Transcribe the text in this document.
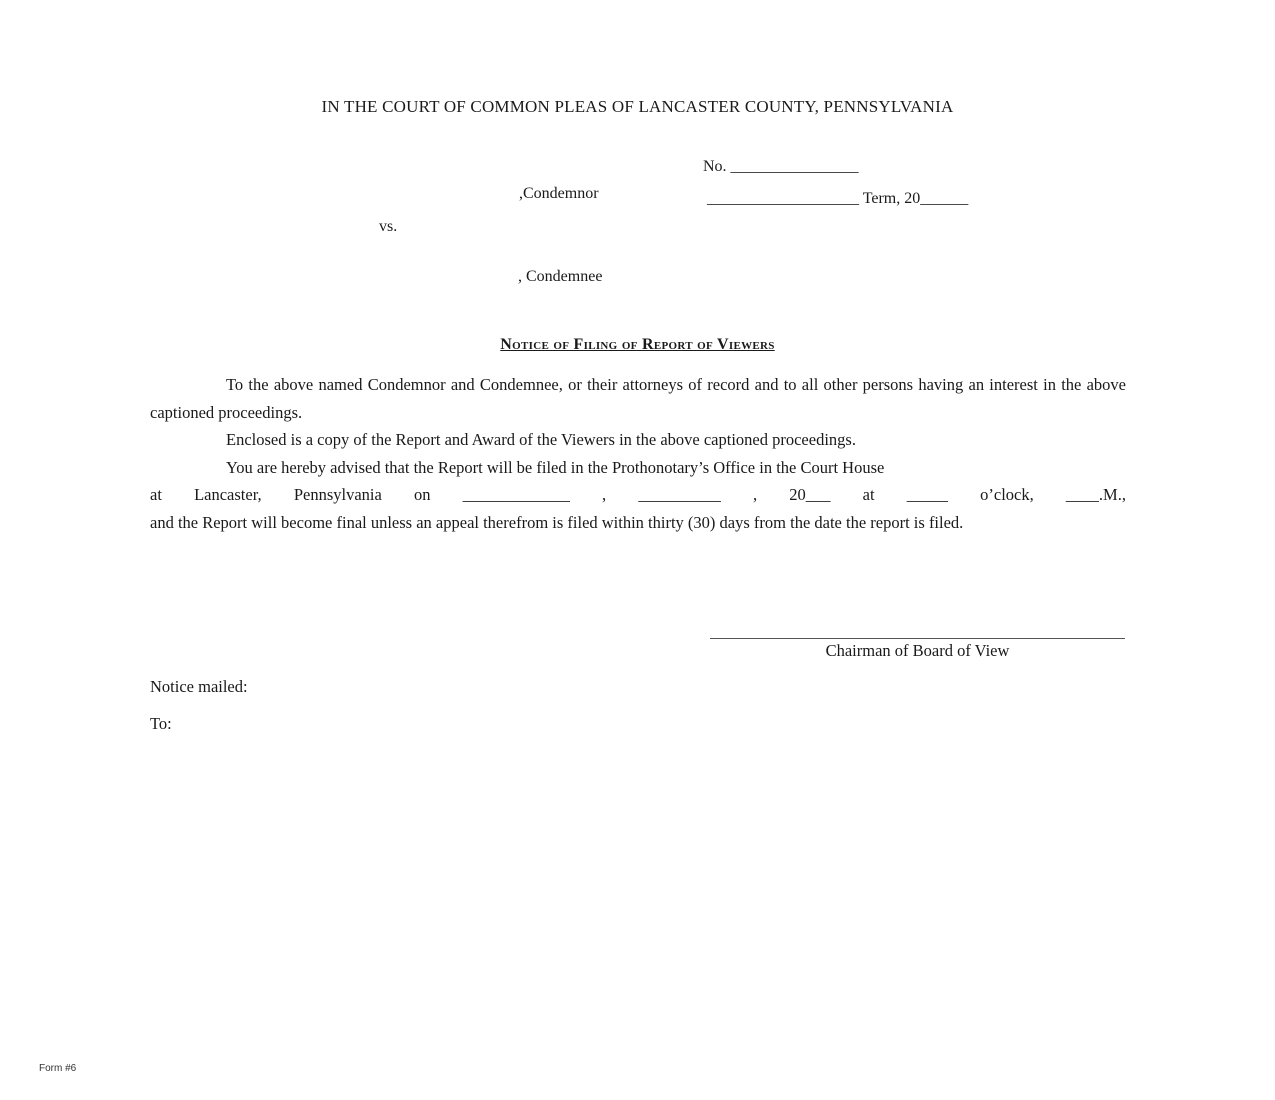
IN THE COURT OF COMMON PLEAS OF LANCASTER COUNTY, PENNSYLVANIA
No. ________________
,Condemnor	___________________ Term, 20______
vs.
, Condemnee
Notice of Filing of Report of Viewers

To the above named Condemnor and Condemnee, or their attorneys of record and to all other persons having an interest in the above captioned proceedings.

Enclosed is a copy of the Report and Award of the Viewers in the above captioned proceedings.

You are hereby advised that the Report will be filed in the Prothonotary’s Office in the Court House

at Lancaster, Pennsylvania on _____________ , __________ , 20___ at _____ o’clock, ____.M.,

and the Report will become final unless an appeal therefrom is filed within thirty (30) days from the date the report is filed.

Chairman of Board of View
Notice mailed:
To:
Form #6
